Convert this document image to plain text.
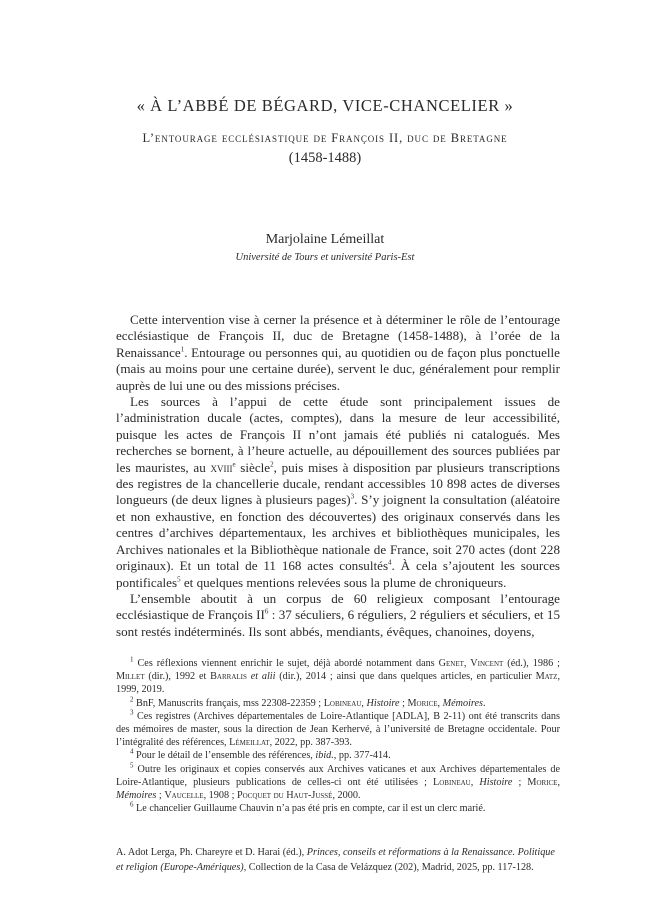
« À L’ABBÉ DE BÉGARD, VICE-CHANCELIER »
L’entourage ecclésiastique de François II, duc de Bretagne
(1458-1488)
Marjolaine Lémeillat
Université de Tours et université Paris-Est

Cette intervention vise à cerner la présence et à déterminer le rôle de l’entourage ecclésiastique de François II, duc de Bretagne (1458-1488), à l’orée de la Renaissance$^1$. Entourage ou personnes qui, au quotidien ou de façon plus ponctuelle (mais au moins pour une certaine durée), servent le duc, généralement pour remplir auprès de lui une ou des missions précises.

Les sources à l’appui de cette étude sont principalement issues de l’administration ducale (actes, comptes), dans la mesure de leur accessibilité, puisque les actes de François II n’ont jamais été publiés ni catalogués. Mes recherches se bornent, à l’heure actuelle, au dépouillement des sources publiées par les mauristes, au xviii$^e$ siècle$^2$, puis mises à disposition par plusieurs transcriptions des registres de la chancellerie ducale, rendant accessibles 10 898 actes de diverses longueurs (de deux lignes à plusieurs pages)$^3$. S’y joignent la consultation (aléatoire et non exhaustive, en fonction des découvertes) des originaux conservés dans les centres d’archives départementaux, les archives et bibliothèques municipales, les Archives nationales et la Bibliothèque nationale de France, soit 270 actes (dont 228 originaux). Et un total de 11 168 actes consultés$^4$. À cela s’ajoutent les sources pontificales$^5$ et quelques mentions relevées sous la plume de chroniqueurs.

L’ensemble aboutit à un corpus de 60 religieux composant l’entourage ecclésiastique de François $II^6$ : 37 séculiers, 6 réguliers, 2 réguliers et séculiers, et 15 sont restés indéterminés. Ils sont abbés, mendiants, évêques, chanoines, doyens,

$^1$ Ces réflexions viennent enrichir le sujet, déjà abordé notamment dans Genet, Vincent (éd.), 1986 ; Millet (dir.), 1992 et Barralis et alii (dir.), 2014 ; ainsi que dans quelques articles, en particulier Matz, 1999, 2019.

$^2$ BnF, Manuscrits français, mss 22308-22359 ; Lobineau, Histoire ; Morice, Mémoires.

$^3$ Ces registres (Archives départementales de Loire-Atlantique [ADLA], B 2-11) ont été transcrits dans des mémoires de master, sous la direction de Jean Kerhervé, à l’université de Bretagne occidentale. Pour l’intégralité des références, Lémeillat, 2022, pp. 387-393.

$^4$ Pour le détail de l’ensemble des références, ibid., pp. 377-414.

$^5$ Outre les originaux et copies conservés aux Archives vaticanes et aux Archives départementales de Loire-Atlantique, plusieurs publications de celles-ci ont été utilisées ; Lobineau, Histoire ; Morice, Mémoires ; Vaucelle, 1908 ; Pocquet du Haut-Jussé, 2000.

$^6$ Le chancelier Guillaume Chauvin n’a pas été pris en compte, car il est un clerc marié.

A. Adot Lerga, Ph. Chareyre et D. Harai (éd.), Princes, conseils et réformations à la Renaissance. Politique et religion (Europe-Amériques), Collection de la Casa de Velázquez (202), Madrid, 2025, pp. 117-128.
